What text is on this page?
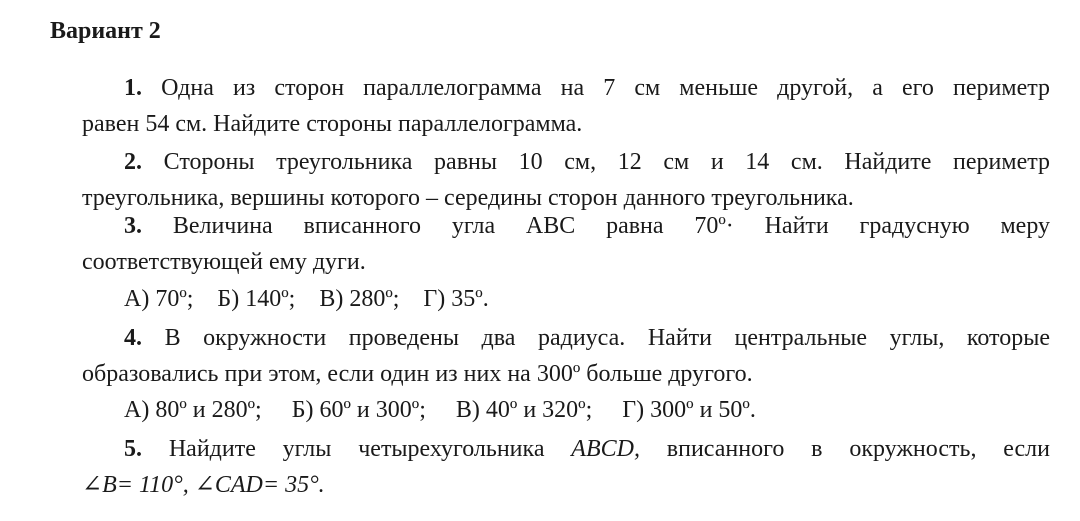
Вариант 2
1. Одна из сторон параллелограмма на 7 см меньше другой, а его периметр
равен 54 см. Найдите стороны параллелограмма.
2. Стороны треугольника равны 10 см, 12 см и 14 см. Найдите периметр
треугольника, вершины которого – середины сторон данного треугольника.
3. Величина вписанного угла АВС равна 70º· Найти градусную меру
соответствующей ему дуги.
А) 70º;    Б) 140º;    В) 280º;    Г) 35º.
4. В окружности проведены два радиуса. Найти центральные углы, которые
образовались при этом, если один из них на 300º больше другого.
А) 80º и 280º;     Б) 60º и 300º;     В) 40º и 320º;     Г) 300º и 50º.
5. Найдите углы четырехугольника ABCD, вписанного в окружность, если
∠B= 110°, ∠CAD= 35°.
